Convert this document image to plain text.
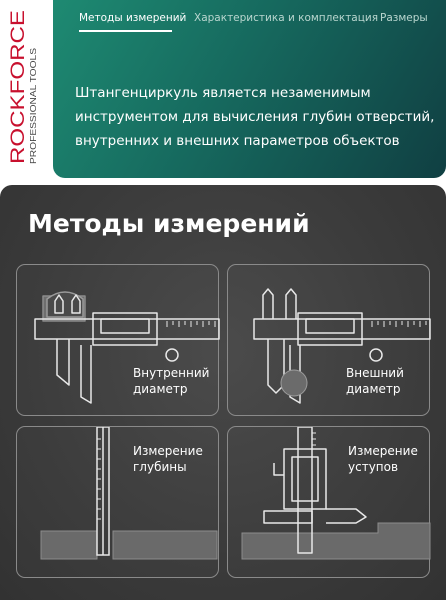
ROCKFORCE PROFESSIONAL TOOLS
Методы измерений Характеристика и комплектация Размеры
Штангенциркуль является незаменимым
инструментом для вычисления глубин отверстий,
внутренних и внешних параметров объектов
Методы измерений
Внутренний
диаметр
Внешний
диаметр
Измерение
глубины
Измерение
уступов
